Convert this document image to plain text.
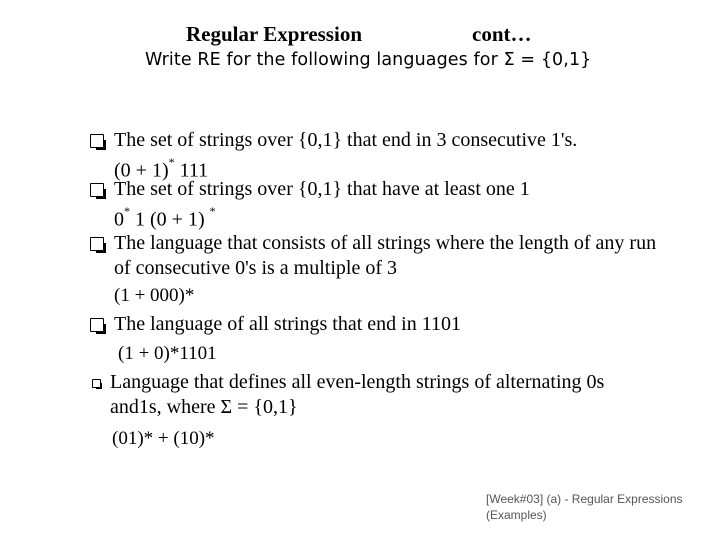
Regular Expression	cont…
Write RE for the following languages for Σ = {0,1}
The set of strings over {0,1} that end in 3 consecutive 1's.
(0 + 1)* 111
The set of strings over {0,1} that have at least one 1
0* 1 (0 + 1) *
The language that consists of all strings where the length of any run
of consecutive 0's is a multiple of 3
(1 + 000)*
The language of all strings that end in 1101
(1 + 0)*1101
Language that defines all even-length strings of alternating 0s
and1s, where Σ = {0,1}
(01)* + (10)*
[Week#03] (a) - Regular Expressions
(Examples)
